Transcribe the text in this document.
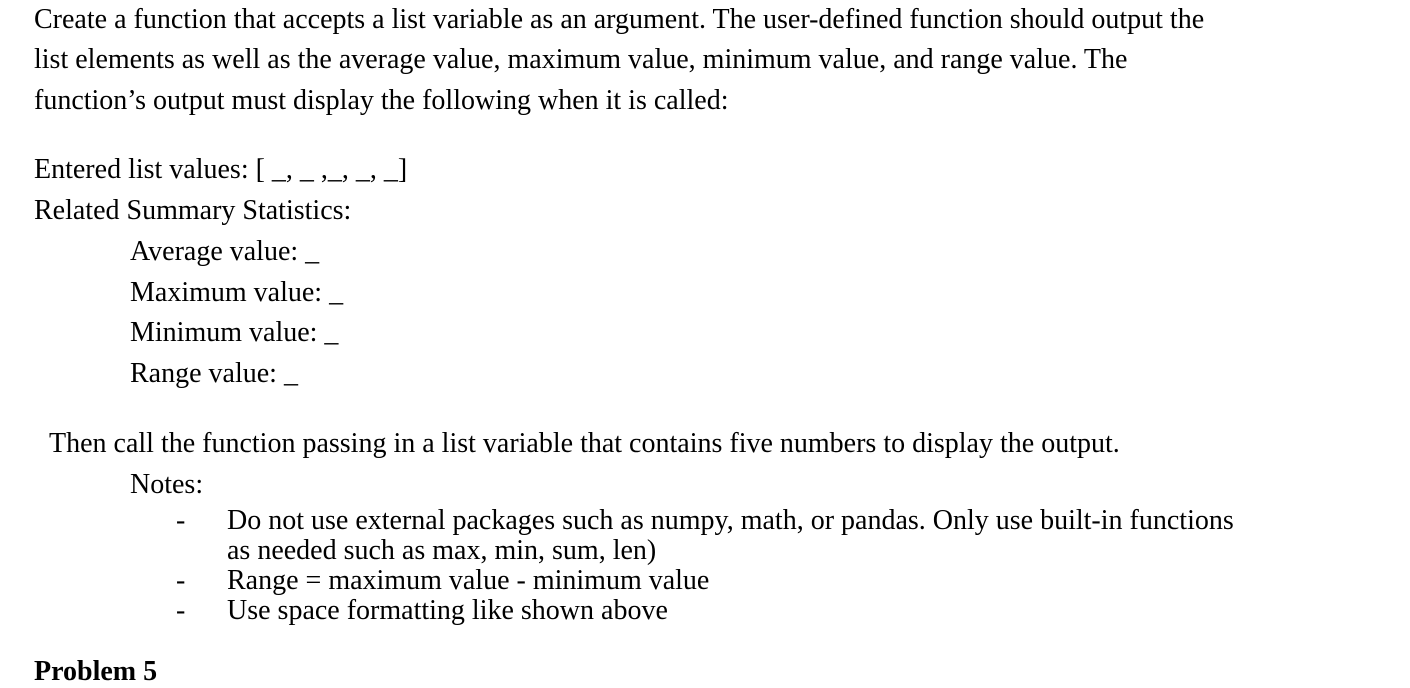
Create a function that accepts a list variable as an argument. The user-defined function should output the
list elements as well as the average value, maximum value, minimum value, and range value. The
function’s output must display the following when it is called:
Entered list values: [ _, _ ,_, _, _]
Related Summary Statistics:
Average value: _
Maximum value: _
Minimum value: _
Range value: _
Then call the function passing in a list variable that contains five numbers to display the output.
Notes:
- Do not use external packages such as numpy, math, or pandas. Only use built-in functions
as needed such as max, min, sum, len)
- Range = maximum value - minimum value
- Use space formatting like shown above
Problem 5
